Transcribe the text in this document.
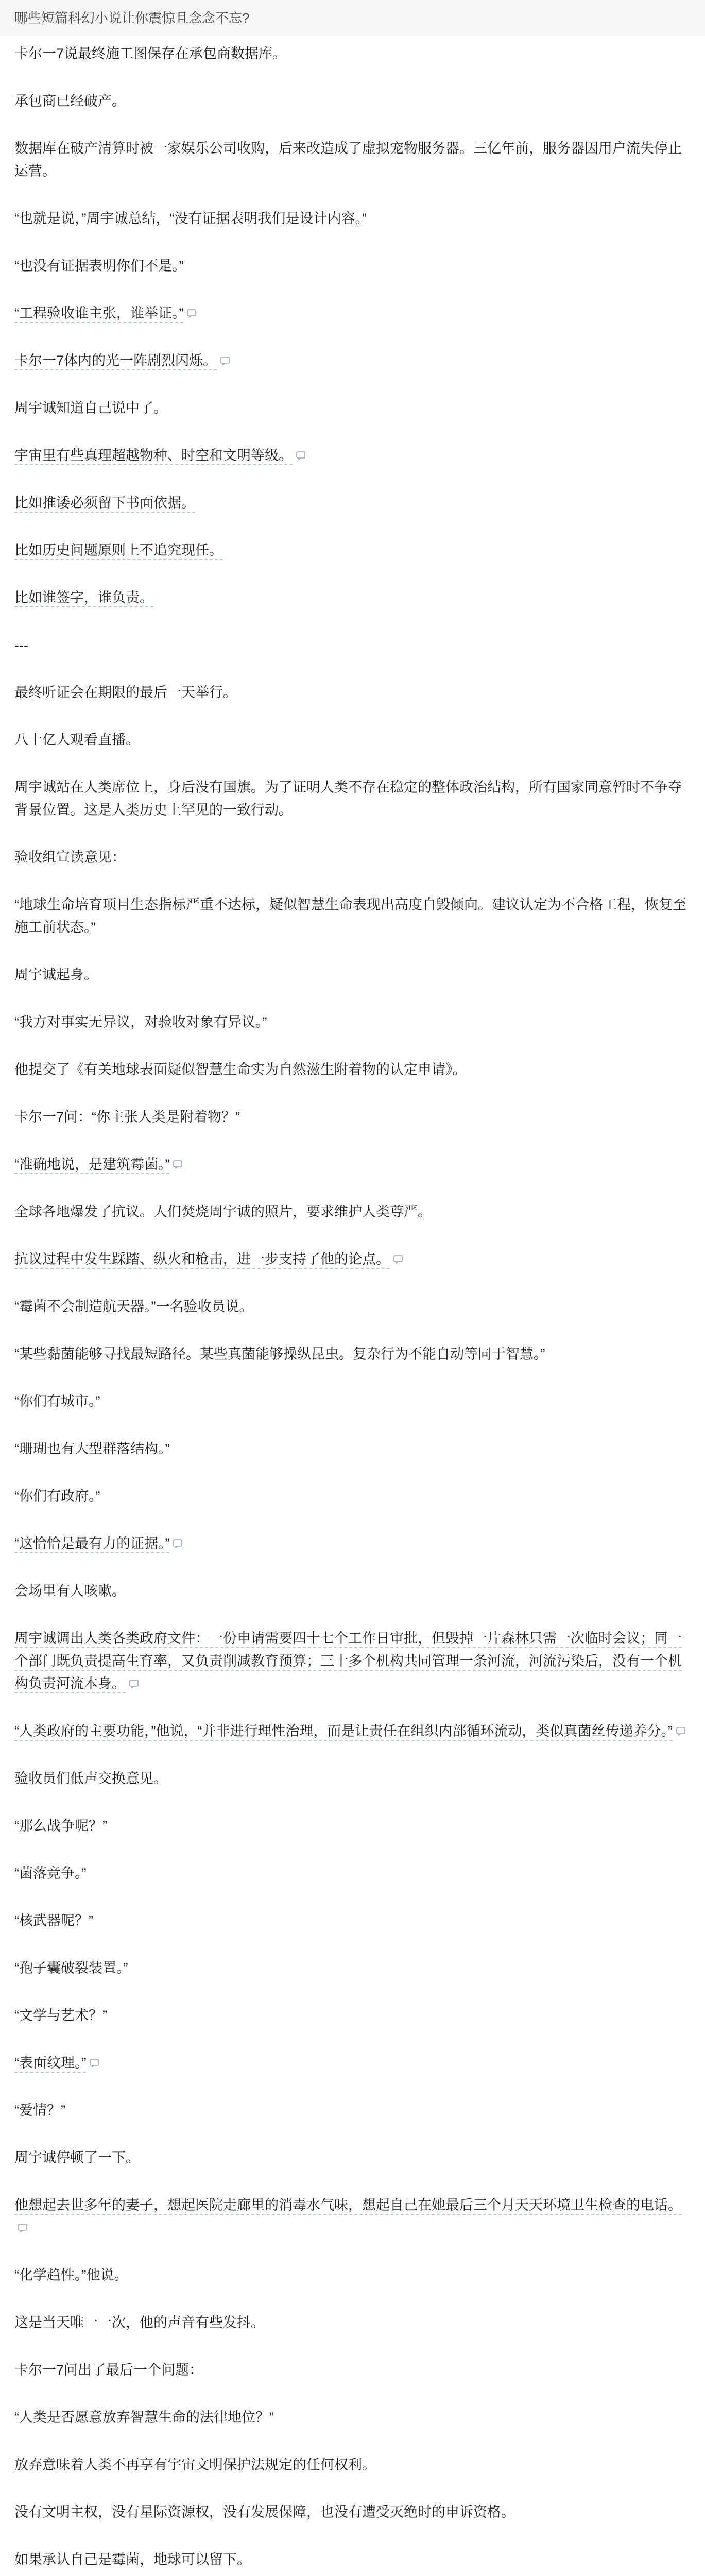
哪些短篇科幻小说让你震惊且念念不忘?

卡尔一7说最终施工图保存在承包商数据库。

承包商已经破产。

数据库在破产清算时被一家娱乐公司收购，后来改造成了虚拟宠物服务器。三亿年前，服务器因用户流失停止运营。

“也就是说，”周宇诚总结，“没有证据表明我们是设计内容。”

“也没有证据表明你们不是。”

“工程验收谁主张，谁举证。”

卡尔一7体内的光一阵剧烈闪烁。

周宇诚知道自己说中了。

宇宙里有些真理超越物种、时空和文明等级。

比如推诿必须留下书面依据。

比如历史问题原则上不追究现任。

比如谁签字，谁负责。

---

最终听证会在期限的最后一天举行。

八十亿人观看直播。

周宇诚站在人类席位上，身后没有国旗。为了证明人类不存在稳定的整体政治结构，所有国家同意暂时不争夺背景位置。这是人类历史上罕见的一致行动。

验收组宣读意见：

“地球生命培育项目生态指标严重不达标，疑似智慧生命表现出高度自毁倾向。建议认定为不合格工程，恢复至施工前状态。”

周宇诚起身。

“我方对事实无异议，对验收对象有异议。”

他提交了《有关地球表面疑似智慧生命实为自然滋生附着物的认定申请》。

卡尔一7问：“你主张人类是附着物？”

“准确地说，是建筑霉菌。”

全球各地爆发了抗议。人们焚烧周宇诚的照片，要求维护人类尊严。

抗议过程中发生踩踏、纵火和枪击，进一步支持了他的论点。

“霉菌不会制造航天器。”一名验收员说。

“某些黏菌能够寻找最短路径。某些真菌能够操纵昆虫。复杂行为不能自动等同于智慧。”

“你们有城市。”

“珊瑚也有大型群落结构。”

“你们有政府。”

“这恰恰是最有力的证据。”

会场里有人咳嗽。

周宇诚调出人类各类政府文件：一份申请需要四十七个工作日审批，但毁掉一片森林只需一次临时会议；同一个部门既负责提高生育率，又负责削减教育预算；三十多个机构共同管理一条河流，河流污染后，没有一个机构负责河流本身。

“人类政府的主要功能，”他说，“并非进行理性治理，而是让责任在组织内部循环流动，类似真菌丝传递养分。”

验收员们低声交换意见。

“那么战争呢？”

“菌落竞争。”

“核武器呢？”

“孢子囊破裂装置。”

“文学与艺术？”

“表面纹理。”

“爱情？”

周宇诚停顿了一下。

他想起去世多年的妻子，想起医院走廊里的消毒水气味，想起自己在她最后三个月天天环境卫生检查的电话。

“化学趋性。”他说。

这是当天唯一一次，他的声音有些发抖。

卡尔一7问出了最后一个问题：

“人类是否愿意放弃智慧生命的法律地位？”

放弃意味着人类不再享有宇宙文明保护法规定的任何权利。

没有文明主权，没有星际资源权，没有发展保障，也没有遭受灭绝时的申诉资格。

如果承认自己是霉菌，地球可以留下。
